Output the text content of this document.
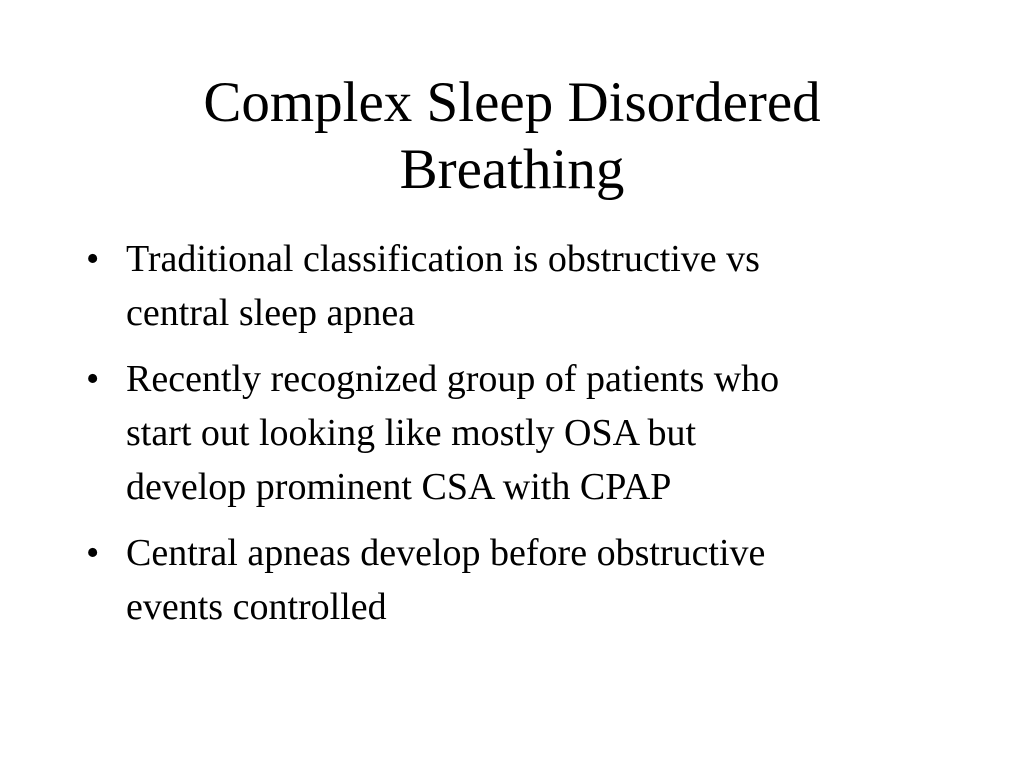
Complex Sleep Disordered
Breathing
• Traditional classification is obstructive vs
central sleep apnea
• Recently recognized group of patients who
start out looking like mostly OSA but
develop prominent CSA with CPAP
• Central apneas develop before obstructive
events controlled
